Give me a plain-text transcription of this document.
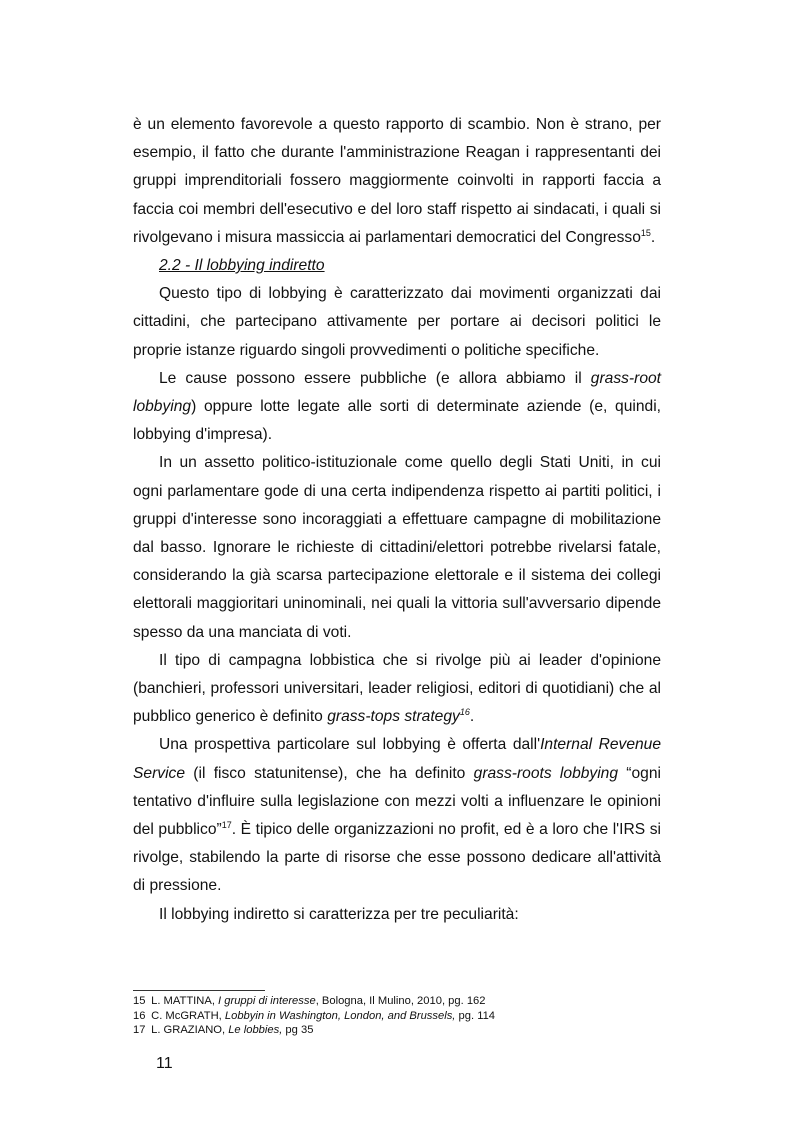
è un elemento favorevole a questo rapporto di scambio. Non è strano, per esempio, il fatto che durante l'amministrazione Reagan i rappresentanti dei gruppi imprenditoriali fossero maggiormente coinvolti in rapporti faccia a faccia coi membri dell'esecutivo e del loro staff rispetto ai sindacati, i quali si rivolgevano i misura massiccia ai parlamentari democratici del Congresso$^{15}$.

2.2 - Il lobbying indiretto

Questo tipo di lobbying è caratterizzato dai movimenti organizzati dai cittadini, che partecipano attivamente per portare ai decisori politici le proprie istanze riguardo singoli provvedimenti o politiche specifiche.

Le cause possono essere pubbliche (e allora abbiamo il grass-root lobbying) oppure lotte legate alle sorti di determinate aziende (e, quindi, lobbying d'impresa).

In un assetto politico-istituzionale come quello degli Stati Uniti, in cui ogni parlamentare gode di una certa indipendenza rispetto ai partiti politici, i gruppi d'interesse sono incoraggiati a effettuare campagne di mobilitazione dal basso. Ignorare le richieste di cittadini/elettori potrebbe rivelarsi fatale, considerando la già scarsa partecipazione elettorale e il sistema dei collegi elettorali maggioritari uninominali, nei quali la vittoria sull'avversario dipende spesso da una manciata di voti.

Il tipo di campagna lobbistica che si rivolge più ai leader d'opinione (banchieri, professori universitari, leader religiosi, editori di quotidiani) che al pubblico generico è definito grass-tops strategy$^{16}$.

Una prospettiva particolare sul lobbying è offerta dall'Internal Revenue Service (il fisco statunitense), che ha definito grass-roots lobbying “ogni tentativo d'influire sulla legislazione con mezzi volti a influenzare le opinioni del pubblico”$^{17}$. È tipico delle organizzazioni no profit, ed è a loro che l'IRS si rivolge, stabilendo la parte di risorse che esse possono dedicare all'attività di pressione.

Il lobbying indiretto si caratterizza per tre peculiarità:

15 L. MATTINA, I gruppi di interesse, Bologna, Il Mulino, 2010, pg. 162

16 C. McGRATH, Lobbyin in Washington, London, and Brussels, pg. 114

17 L. GRAZIANO, Le lobbies, pg 35

11
